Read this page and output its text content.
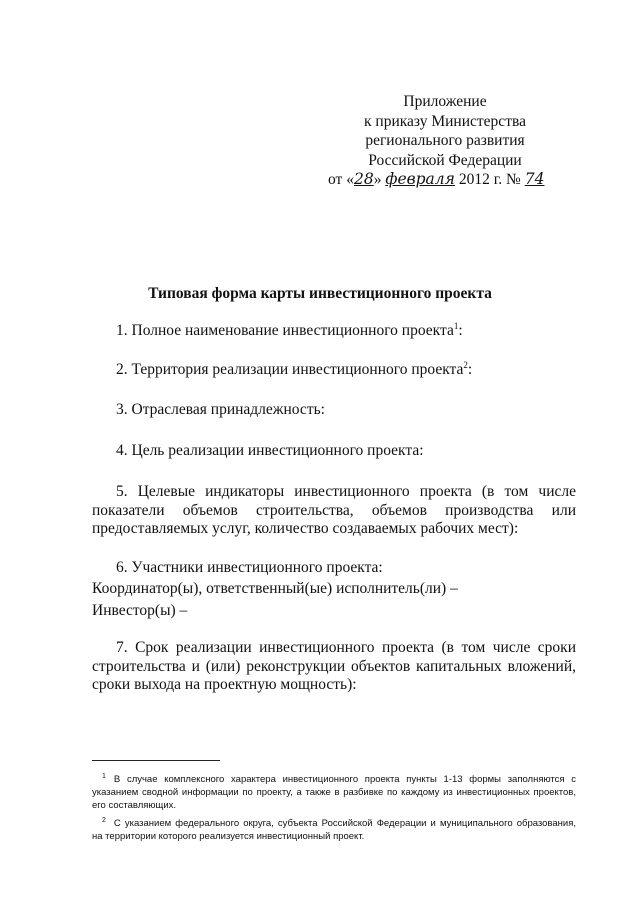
Приложение
к приказу Министерства
регионального развития
Российской Федерации
от «28» февраля 2012 г. № 74
Типовая форма карты инвестиционного проекта
1. Полное наименование инвестиционного проекта$^1$:
2. Территория реализации инвестиционного проекта$^2$:
3. Отраслевая принадлежность:
4. Цель реализации инвестиционного проекта:
5. Целевые индикаторы инвестиционного проекта (в том числе
показатели объемов строительства, объемов производства или предоставляемых услуг, количество создаваемых рабочих мест):
6. Участники инвестиционного проекта:
Координатор(ы), ответственный(ые) исполнитель(ли) –
Инвестор(ы) –
7. Срок реализации инвестиционного проекта (в том числе сроки
строительства и (или) реконструкции объектов капитальных вложений, сроки выхода на проектную мощность):
$^1$ В случае комплексного характера инвестиционного проекта пункты 1-13 формы заполняются с указанием сводной информации по проекту, а также в разбивке по каждому из инвестиционных проектов, его составляющих.
$^2$ С указанием федерального округа, субъекта Российской Федерации и муниципального образования, на территории которого реализуется инвестиционный проект.
